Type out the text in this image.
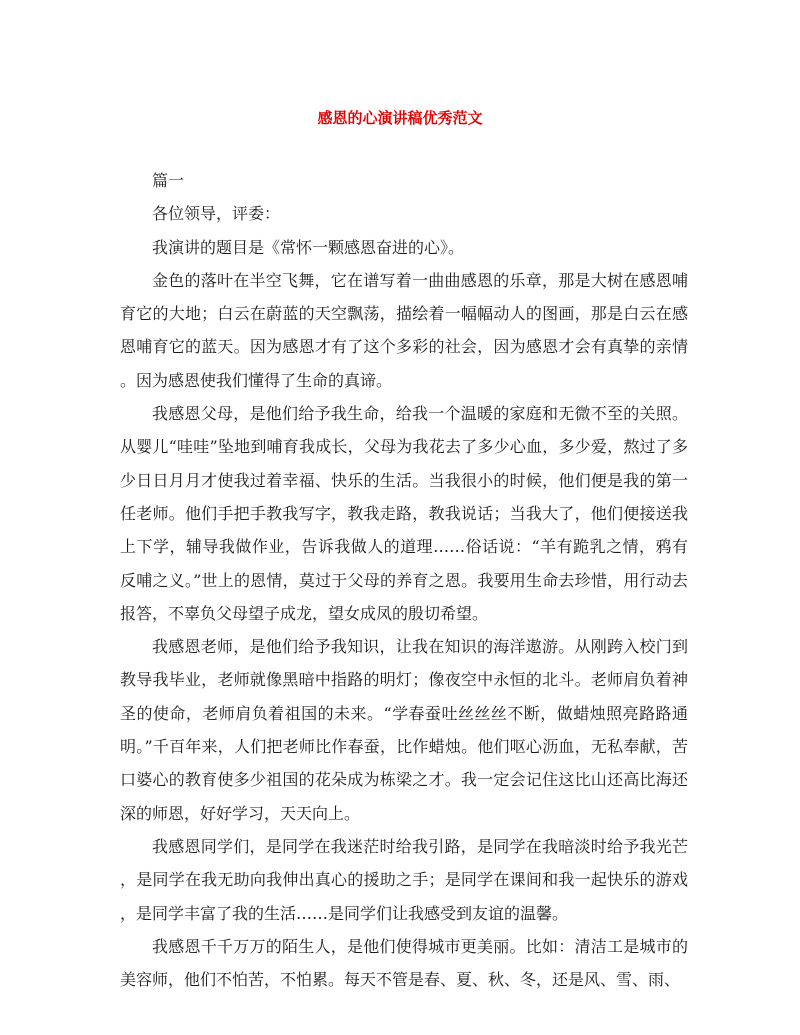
感恩的心演讲稿优秀范文

篇一

各位领导，评委：

我演讲的题目是《常怀一颗感恩奋进的心》。

金色的落叶在半空飞舞，它在谱写着一曲曲感恩的乐章，那是大树在感恩哺育它的大地；白云在蔚蓝的天空飘荡，描绘着一幅幅动人的图画，那是白云在感恩哺育它的蓝天。因为感恩才有了这个多彩的社会，因为感恩才会有真挚的亲情。因为感恩使我们懂得了生命的真谛。

我感恩父母，是他们给予我生命，给我一个温暖的家庭和无微不至的关照。从婴儿“哇哇”坠地到哺育我成长，父母为我花去了多少心血，多少爱，熬过了多少日日月月才使我过着幸福、快乐的生活。当我很小的时候，他们便是我的第一任老师。他们手把手教我写字，教我走路，教我说话；当我大了，他们便接送我上下学，辅导我做作业，告诉我做人的道理……俗话说：“羊有跪乳之情，鸦有反哺之义。”世上的恩情，莫过于父母的养育之恩。我要用生命去珍惜，用行动去报答，不辜负父母望子成龙，望女成凤的殷切希望。

我感恩老师，是他们给予我知识，让我在知识的海洋遨游。从刚跨入校门到教导我毕业，老师就像黑暗中指路的明灯；像夜空中永恒的北斗。老师肩负着神圣的使命，老师肩负着祖国的未来。“学春蚕吐丝丝丝不断，做蜡烛照亮路路通明。”千百年来，人们把老师比作春蚕，比作蜡烛。他们呕心沥血，无私奉献，苦口婆心的教育使多少祖国的花朵成为栋梁之才。我一定会记住这比山还高比海还深的师恩，好好学习，天天向上。

我感恩同学们，是同学在我迷茫时给我引路，是同学在我暗淡时给予我光芒，是同学在我无助向我伸出真心的援助之手；是同学在课间和我一起快乐的游戏，是同学丰富了我的生活……是同学们让我感受到友谊的温馨。

我感恩千千万万的陌生人，是他们使得城市更美丽。比如：清洁工是城市的美容师，他们不怕苦，不怕累。每天不管是春、夏、秋、冬，还是风、雪、雨、
